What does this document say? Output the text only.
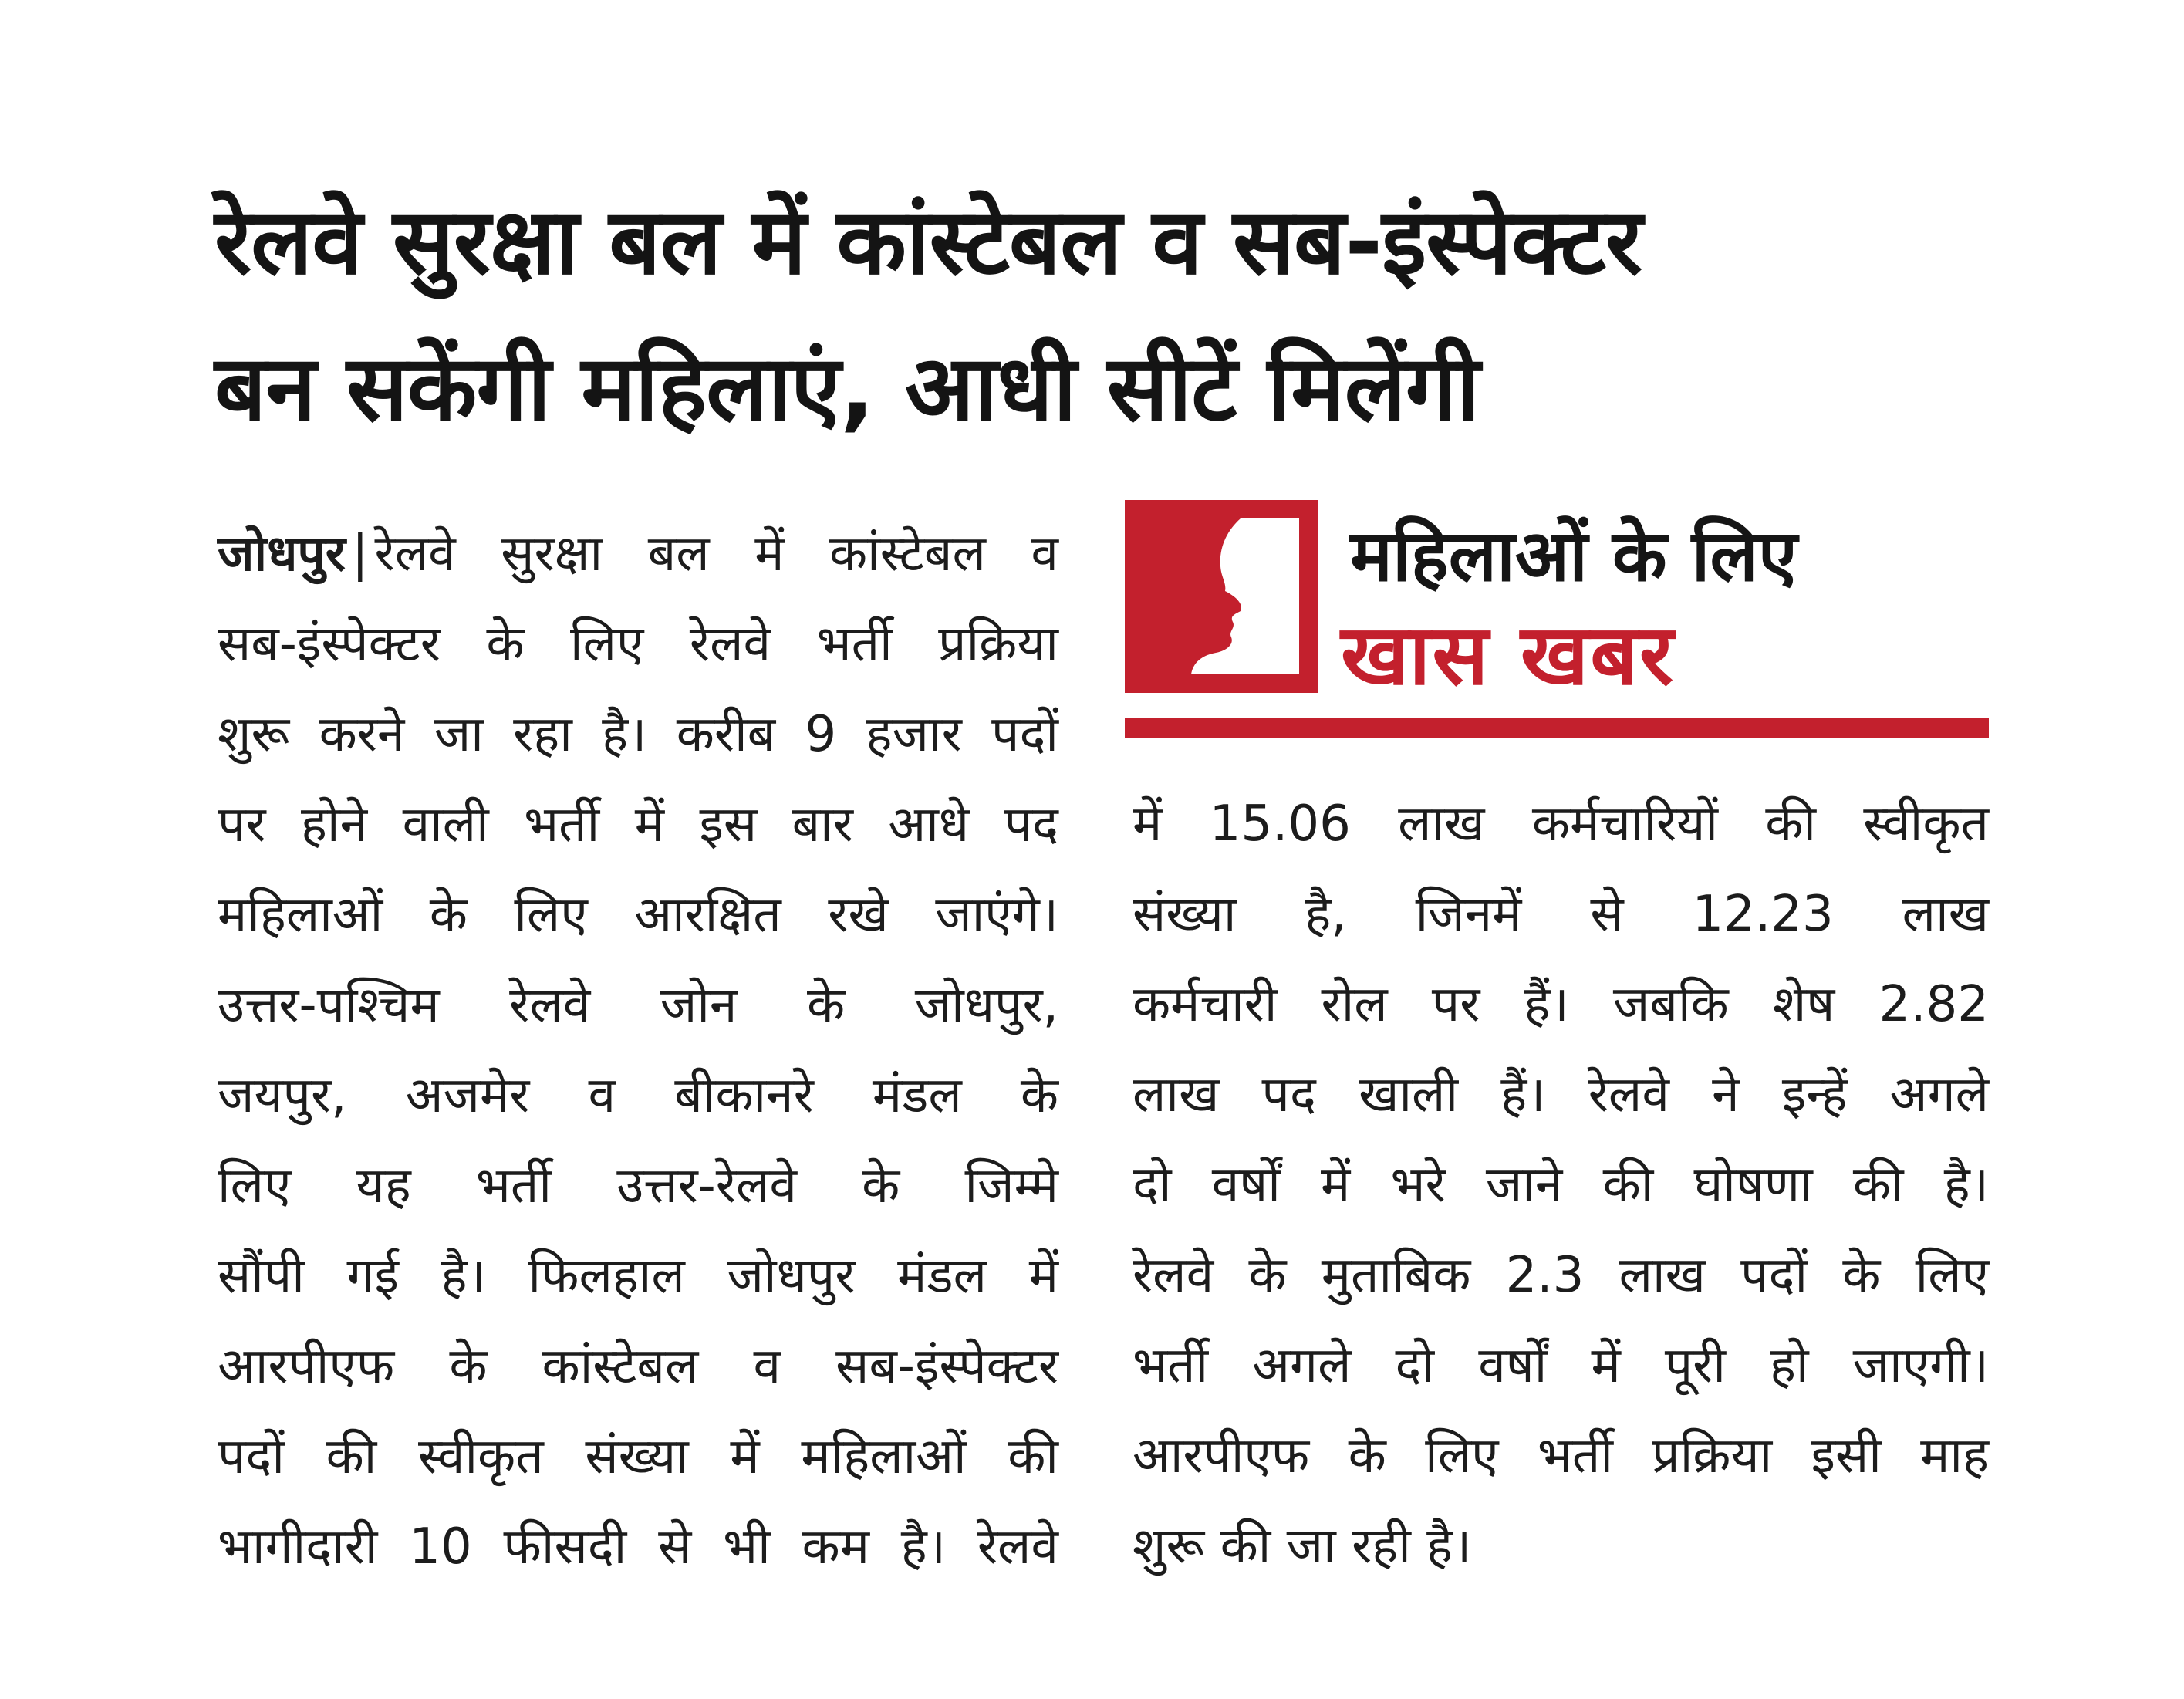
रेलवे सुरक्षा बल में कांस्टेबल व सब-इंस्पेक्टर
बन सकेंगी महिलाएं, आधी सीटें मिलेंगी
जोधपुर | रेलवे सुरक्षा बल में कांस्टेबल व
सब-इंस्पेक्टर के लिए रेलवे भर्ती प्रक्रिया
शुरू करने जा रहा है। करीब 9 हजार पदों
पर होने वाली भर्ती में इस बार आधे पद
महिलाओं के लिए आरक्षित रखे जाएंगे।
उत्तर-पश्चिम रेलवे जोन के जोधपुर,
जयपुर, अजमेर व बीकानरे मंडल के
लिए यह भर्ती उत्तर-रेलवे के जिम्मे
सौंपी गई है। फिलहाल जोधपुर मंडल में
आरपीएफ के कांस्टेबल व सब-इंस्पेक्टर
पदों की स्वीकृत संख्या में महिलाओं की
भागीदारी 10 फीसदी से भी कम है। रेलवे
महिलाओं के लिए
खास खबर
में 15.06 लाख कर्मचारियों की स्वीकृत
संख्या है, जिनमें से 12.23 लाख
कर्मचारी रोल पर हैं। जबकि शेष 2.82
लाख पद खाली हैं। रेलवे ने इन्हें अगले
दो वर्षों में भरे जाने की घोषणा की है।
रेलवे के मुताबिक 2.3 लाख पदों के लिए
भर्ती अगले दो वर्षों में पूरी हो जाएगी।
आरपीएफ के लिए भर्ती प्रक्रिया इसी माह
शुरू की जा रही है।
